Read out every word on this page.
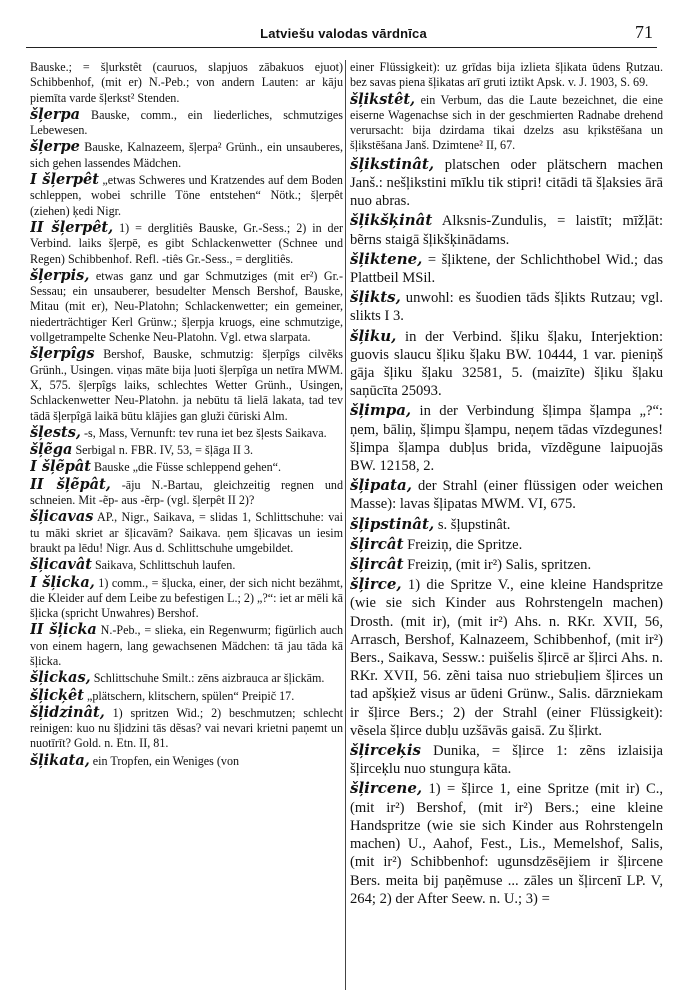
Latviešu valodas vārdnīca	71
Bauske.; = šļurkstêt (cauruos, slapjuos zābakuos ejuot) Schibbenhof, (mit er) N.-Peb.; von andern Lauten: ar kāju piemīta varde šļerkst² Stenden.
šļerpa Bauske, comm., ein liederliches, schmutziges Lebewesen.
šļerpe Bauske, Kalnazeem, šļerpa² Grünh., ein unsauberes, sich gehen lassendes Mädchen.
I šļerpêt „etwas Schweres und Kratzendes auf dem Boden schleppen, wobei schrille Töne entstehen“ Nötk.; šļerpêt (ziehen) ķedi Nigr.
II šļerpêt, 1) = derglitiês Bauske, Gr.-Sess.; 2) in der Verbind. laiks šļerpē, es gibt Schlackenwetter (Schnee und Regen) Schibbenhof. Refl. -tiês Gr.-Sess., = derglitiês.
šļerpis, etwas ganz und gar Schmutziges (mit er²) Gr.-Sessau; ein unsauberer, besudelter Mensch Bershof, Bauske, Mitau (mit er), Neu-Platohn; Schlackenwetter; ein gemeiner, niederträchtiger Kerl Grünw.; šļerpja kruogs, eine schmutzige, vollgetrampelte Schenke Neu-Platohn. Vgl. etwa slarpata.
šļerpîgs Bershof, Bauske, schmutzig: šļerpîgs cilvẽks Grünh., Usingen. viņas māte bija ļuoti šļerpîga un netīra MWM. X, 575. šļerpîgs laiks, schlechtes Wetter Grünh., Usingen, Schlackenwetter Neu-Platohn. ja nebūtu tā lielā lakata, tad tev tādā šļerpîgā laikā būtu klājies gan gluži čūriski Alm.
šļests, -s, Mass, Vernunft: tev runa iet bez šļests Saikava.
šļẽga Serbigal n. FBR. IV, 53, = šļāga II 3.
I šļẽpât Bauske „die Füsse schleppend gehen“.
II šļẽpât, -āju N.-Bartau, gleichzeitig regnen und schneien. Mit -ẽp- aus -ẽrp- (vgl. šļerpêt II 2)?
šļicavas AP., Nigr., Saikava, = slidas 1, Schlittschuhe: vai tu māki skriet ar šļicavām? Saikava. ņem šļicavas un iesim braukt pa lēdu! Nigr. Aus d. Schlittschuhe umgebildet.
šļicavât Saikava, Schlittschuh laufen.
I šļicka, 1) comm., = šļucka, einer, der sich nicht bezähmt, die Kleider auf dem Leibe zu befestigen L.; 2) „?“: iet ar mēli kā šļicka (spricht Unwahres) Bershof.
II šļicka N.-Peb., = slieka, ein Regenwurm; figürlich auch von einem hagern, lang gewachsenen Mädchen: tā jau tāda kā šļicka.
šļickas, Schlittschuhe Smilt.: zēns aizbrauca ar šļickām.
šļicķêt „plätschern, klitschern, spülen“ Preipič 17.
šļidzinât, 1) spritzen Wid.; 2) beschmutzen; schlecht reinigen: kuo nu šļidzini tās dẽsas? vai nevari krietni paņemt un nuotīrīt? Gold. n. Etn. II, 81.
šļikata, ein Tropfen, ein Weniges (von
einer Flüssigkeit): uz grīdas bija izlieta šļikata ūdens Ŗutzau. bez savas piena šļikatas arī gruti iztikt Apsk. v. J. 1903, S. 69.
šļikstêt, ein Verbum, das die Laute bezeichnet, die eine eiserne Wagenachse sich in der geschmierten Radnabe drehend verursacht: bija dzirdama tikai dzelzs asu kŗikstēšana un šļikstēšana Janš. Dzimtene² II, 67.
šļikstinât, platschen oder plätschern machen Janš.: nešļikstini mīklu tik stipri! citādi tā šļaksies ārā nuo abras.
šļikšķinât Alksnis-Zundulis, = laistīt; mīžļāt: bẽrns staigā šļikšķinādams.
šļiktene, = šļiktene, der Schlichthobel Wid.; das Plattbeil MSil.
šļikts, unwohl: es šuodien tāds šļikts Rutzau; vgl. slikts I 3.
šļiku, in der Verbind. šļiku šļaku, Interjektion: guovis slaucu šļiku šļaku BW. 10444, 1 var. pieniņš gāja šļiku šļaku 32581, 5. (maizīte) šļiku šļaku saņūcīta 25093.
šļimpa, in der Verbindung šļimpa šļampa „?“: ņem, bāliņ, šļimpu šļampu, neņem tādas vīzdegunes! šļimpa šļampa dubļus brida, vīzdẽgune laipuojās BW. 12158, 2.
šļipata, der Strahl (einer flüssigen oder weichen Masse): lavas šļipatas MWM. VI, 675.
šļipstinât, s. šļupstinât.
šļircât Freiziņ, die Spritze.
šļircât Freiziņ, (mit ir²) Salis, spritzen.
šļirce, 1) die Spritze V., eine kleine Handspritze (wie sie sich Kinder aus Rohrstengeln machen) Drosth. (mit ir), (mit ir²) Ahs. n. RKr. XVII, 56, Arrasch, Bershof, Kalnazeem, Schibbenhof, (mit ir²) Bers., Saikava, Sessw.: puišelis šļircē ar šļirci Ahs. n. RKr. XVII, 56. zẽni taisa nuo striebuļiem šļirces un tad apšķiež visus ar ūdeni Grünw., Salis. dārzniekam ir šļirce Bers.; 2) der Strahl (einer Flüssigkeit): vẽsela šļirce dubļu uzšāvās gaisā. Zu šļirkt.
šļirceķis Dunika, = šļirce 1: zẽns izlaisija šļirceķlu nuo stunguŗa kāta.
šļircene, 1) = šļirce 1, eine Spritze (mit ir) C., (mit ir²) Bershof, (mit ir²) Bers.; eine kleine Handspritze (wie sie sich Kinder aus Rohrstengeln machen) U., Aahof, Fest., Lis., Memelshof, Salis, (mit ir²) Schibbenhof: ugunsdzēsējiem ir šļircene Bers. meita bij paņẽmuse ... zāles un šļircenī LP. V, 264; 2) der After Seew. n. U.; 3) =
